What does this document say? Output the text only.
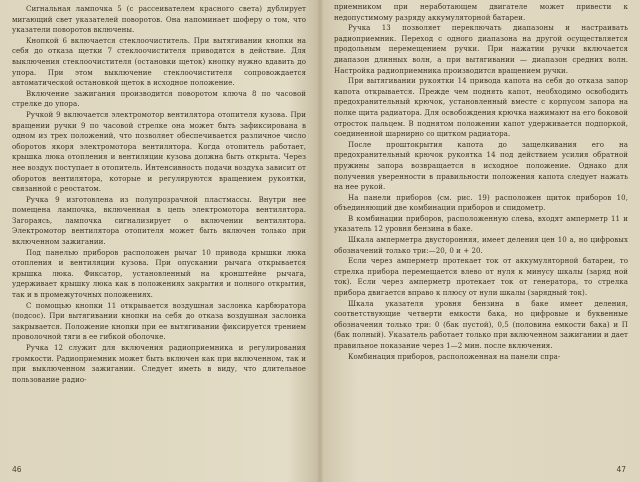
Сигнальная лампочка 5 (с рассеивателем красного света) дублирует мигающий свет указателей поворотов. Она напоминает шоферу о том, что указатели поворотов включены.

Кнопкой 6 включается стеклоочиститель. При вытягивании кнопки на себя до отказа щетки 7 стеклоочистителя приводятся в действие. Для выключения стеклоочистителя (остановки щеток) кнопку нужно вдавить до упора. При этом выключение стеклоочистителя сопровождается автоматической остановкой щеток в исходное положение.

Включение зажигания производится поворотом ключа 8 по часовой стрелке до упора.

Ручкой 9 включается электромотор вентилятора отопителя кузова. При вращении ручки 9 по часовой стрелке она может быть зафиксирована в одном из трех положений, что позволяет обеспечивается различное число оборотов якоря электромотора вентилятора. Когда отопитель работает, крышка люка отопления и вентиляции кузова должна быть открыта. Через нее воздух поступает в отопитель. Интенсивность подачи воздуха зависит от оборотов вентилятора, которые и регулируются вращением рукоятки, связанной с реостатом.

Ручка 9 изготовлена из полупрозрачной пластмассы. Внутри нее помещена лампочка, включенная в цепь электромотора вентилятора. Загораясь, лампочка сигнализирует о включении вентилятора. Электромотор вентилятора отопителя может быть включен только при включенном зажигании.

Под панелью приборов расположен рычаг 10 привода крышки люка отопления и вентиляции кузова. При опускании рычага открывается крышка люка. Фиксатор, установленный на кронштейне рычага, удерживает крышку люка как в положениях закрытия и полного открытия, так и в промежуточных положениях.

С помощью кнопки 11 открывается воздушная заслонка карбюратора (подсос). При вытягивании кнопки на себя до отказа воздушная заслонка закрывается. Положение кнопки при ее вытягивании фиксируется трением проволочной тяги в ее гибкой оболочке.

Ручка 12 служит для включения радиоприемника и регулирования громкости. Радиоприемник может быть включен как при включенном, так и при выключенном зажигании. Следует иметь в виду, что длительное пользование радио-

46

приемником при неработающем двигателе может привести к недопустимому разряду аккумуляторной батареи.

Ручка 13 позволяет переключать диапазоны и настраивать радиоприемник. Переход с одного диапазона на другой осуществляется продольным перемещением ручки. При нажатии ручки включается диапазон длинных волн, а при вытягивании — диапазон средних волн. Настройка радиоприемника производится вращением ручки.

При вытягивании рукоятки 14 привода капота на себя до отказа запор капота открывается. Прежде чем поднять капот, необходимо освободить предохранительный крючок, установленный вместе с корпусом запора на полке щита радиатора. Для освобождения крючка нажимают на его боковой отросток пальцем. В поднятом положении капот удерживается подпоркой, соединенной шарнирно со щитком радиатора.

После проштокрытия капота до защелкивания его на предохранительный крючок рукоятка 14 под действием усилия обратной пружины запора возвращается в исходное положение. Однако для получения уверенности в правильности положения капота следует нажать на нее рукой.

На панели приборов (см. рис. 19) расположен щиток приборов 10, объединяющий две комбинации приборов и спидометр.

В комбинации приборов, расположенную слева, входят амперметр 11 и указатель 12 уровня бензина в баке.

Шкала амперметра двусторонняя, имеет деления цен 10 а, но цифровых обозначений только три:—20, 0 и + 20.

Если через амперметр протекает ток от аккумуляторной батареи, то стрелка прибора перемещается влево от нуля к минусу шкалы (заряд ной ток). Если через амперметр протекает ток от генератора, то стрелка прибора двигается вправо к плюсу от нули шкалы (зарядный ток).

Шкала указателя уровня бензина в баке имеет деления, соответствующие четверти емкости бака, но цифровые и буквенные обозначения только три: 0 (бак пустой), 0,5 (половина емкости бака) и П (бак полный). Указатель работает только при включенном зажигании и дает правильное показание через 1—2 мин. после включения.

Комбинация приборов, расположенная на панели спра-

47
